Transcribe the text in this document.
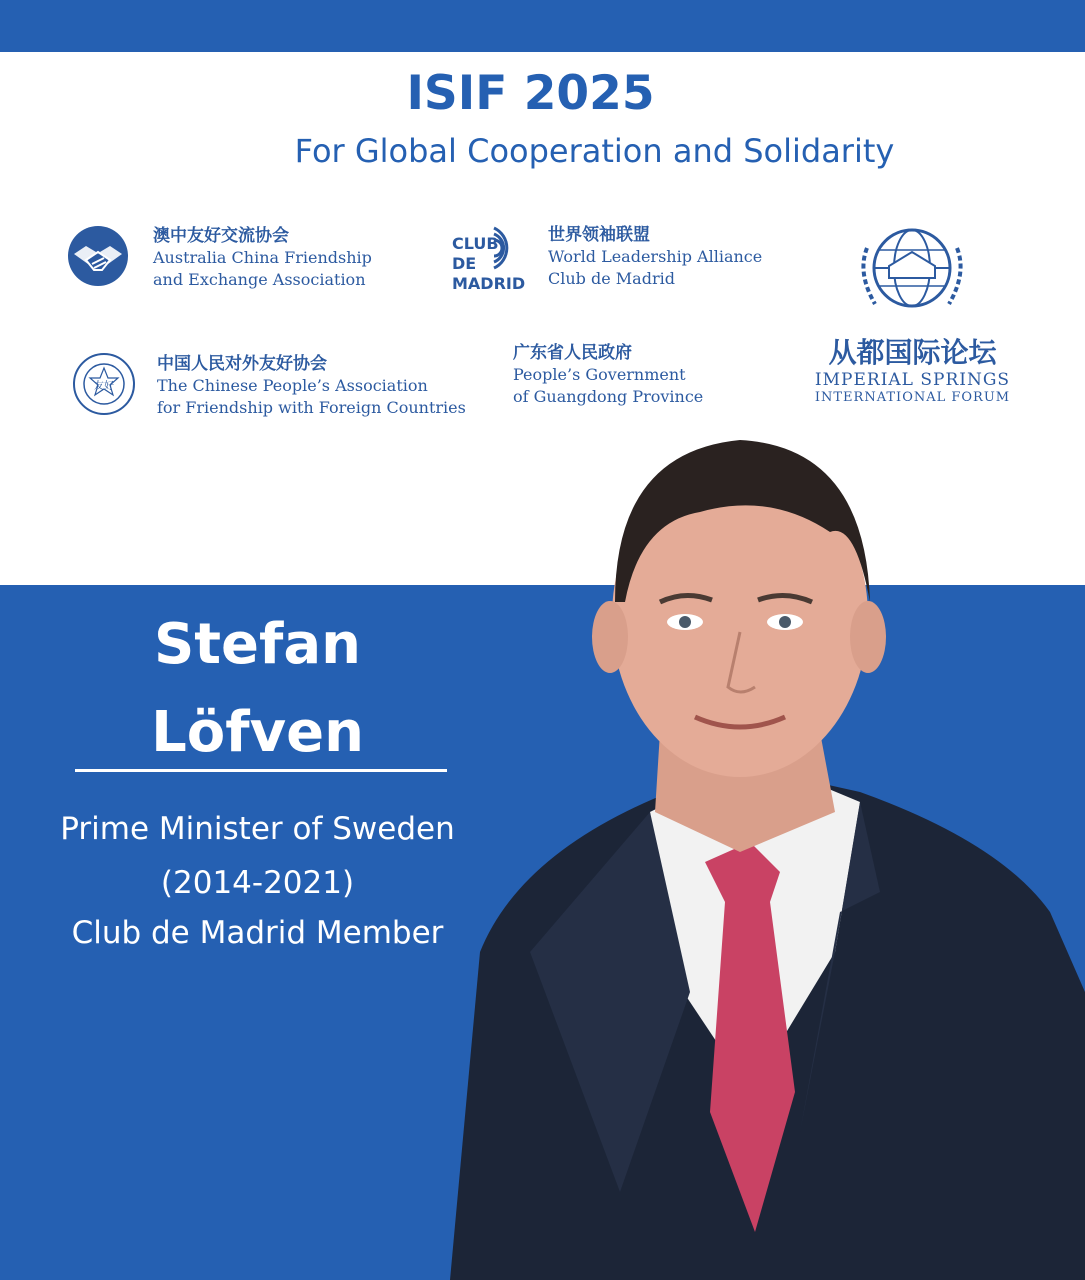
ISIF 2025
For Global Cooperation and Solidarity
澳中友好交流协会
Australia China Friendship
and Exchange Association
CLUB
DE
MADRID
世界领袖联盟
World Leadership Alliance
Club de Madrid
从都国际论坛
IMPERIAL SPRINGS
INTERNATIONAL FORUM
友好
中国人民对外友好协会
The Chinese People’s Association
for Friendship with Foreign Countries
广东省人民政府
People’s Government
of Guangdong Province
Stefan
Löfven
Prime Minister of Sweden
(2014-2021)
Club de Madrid Member
